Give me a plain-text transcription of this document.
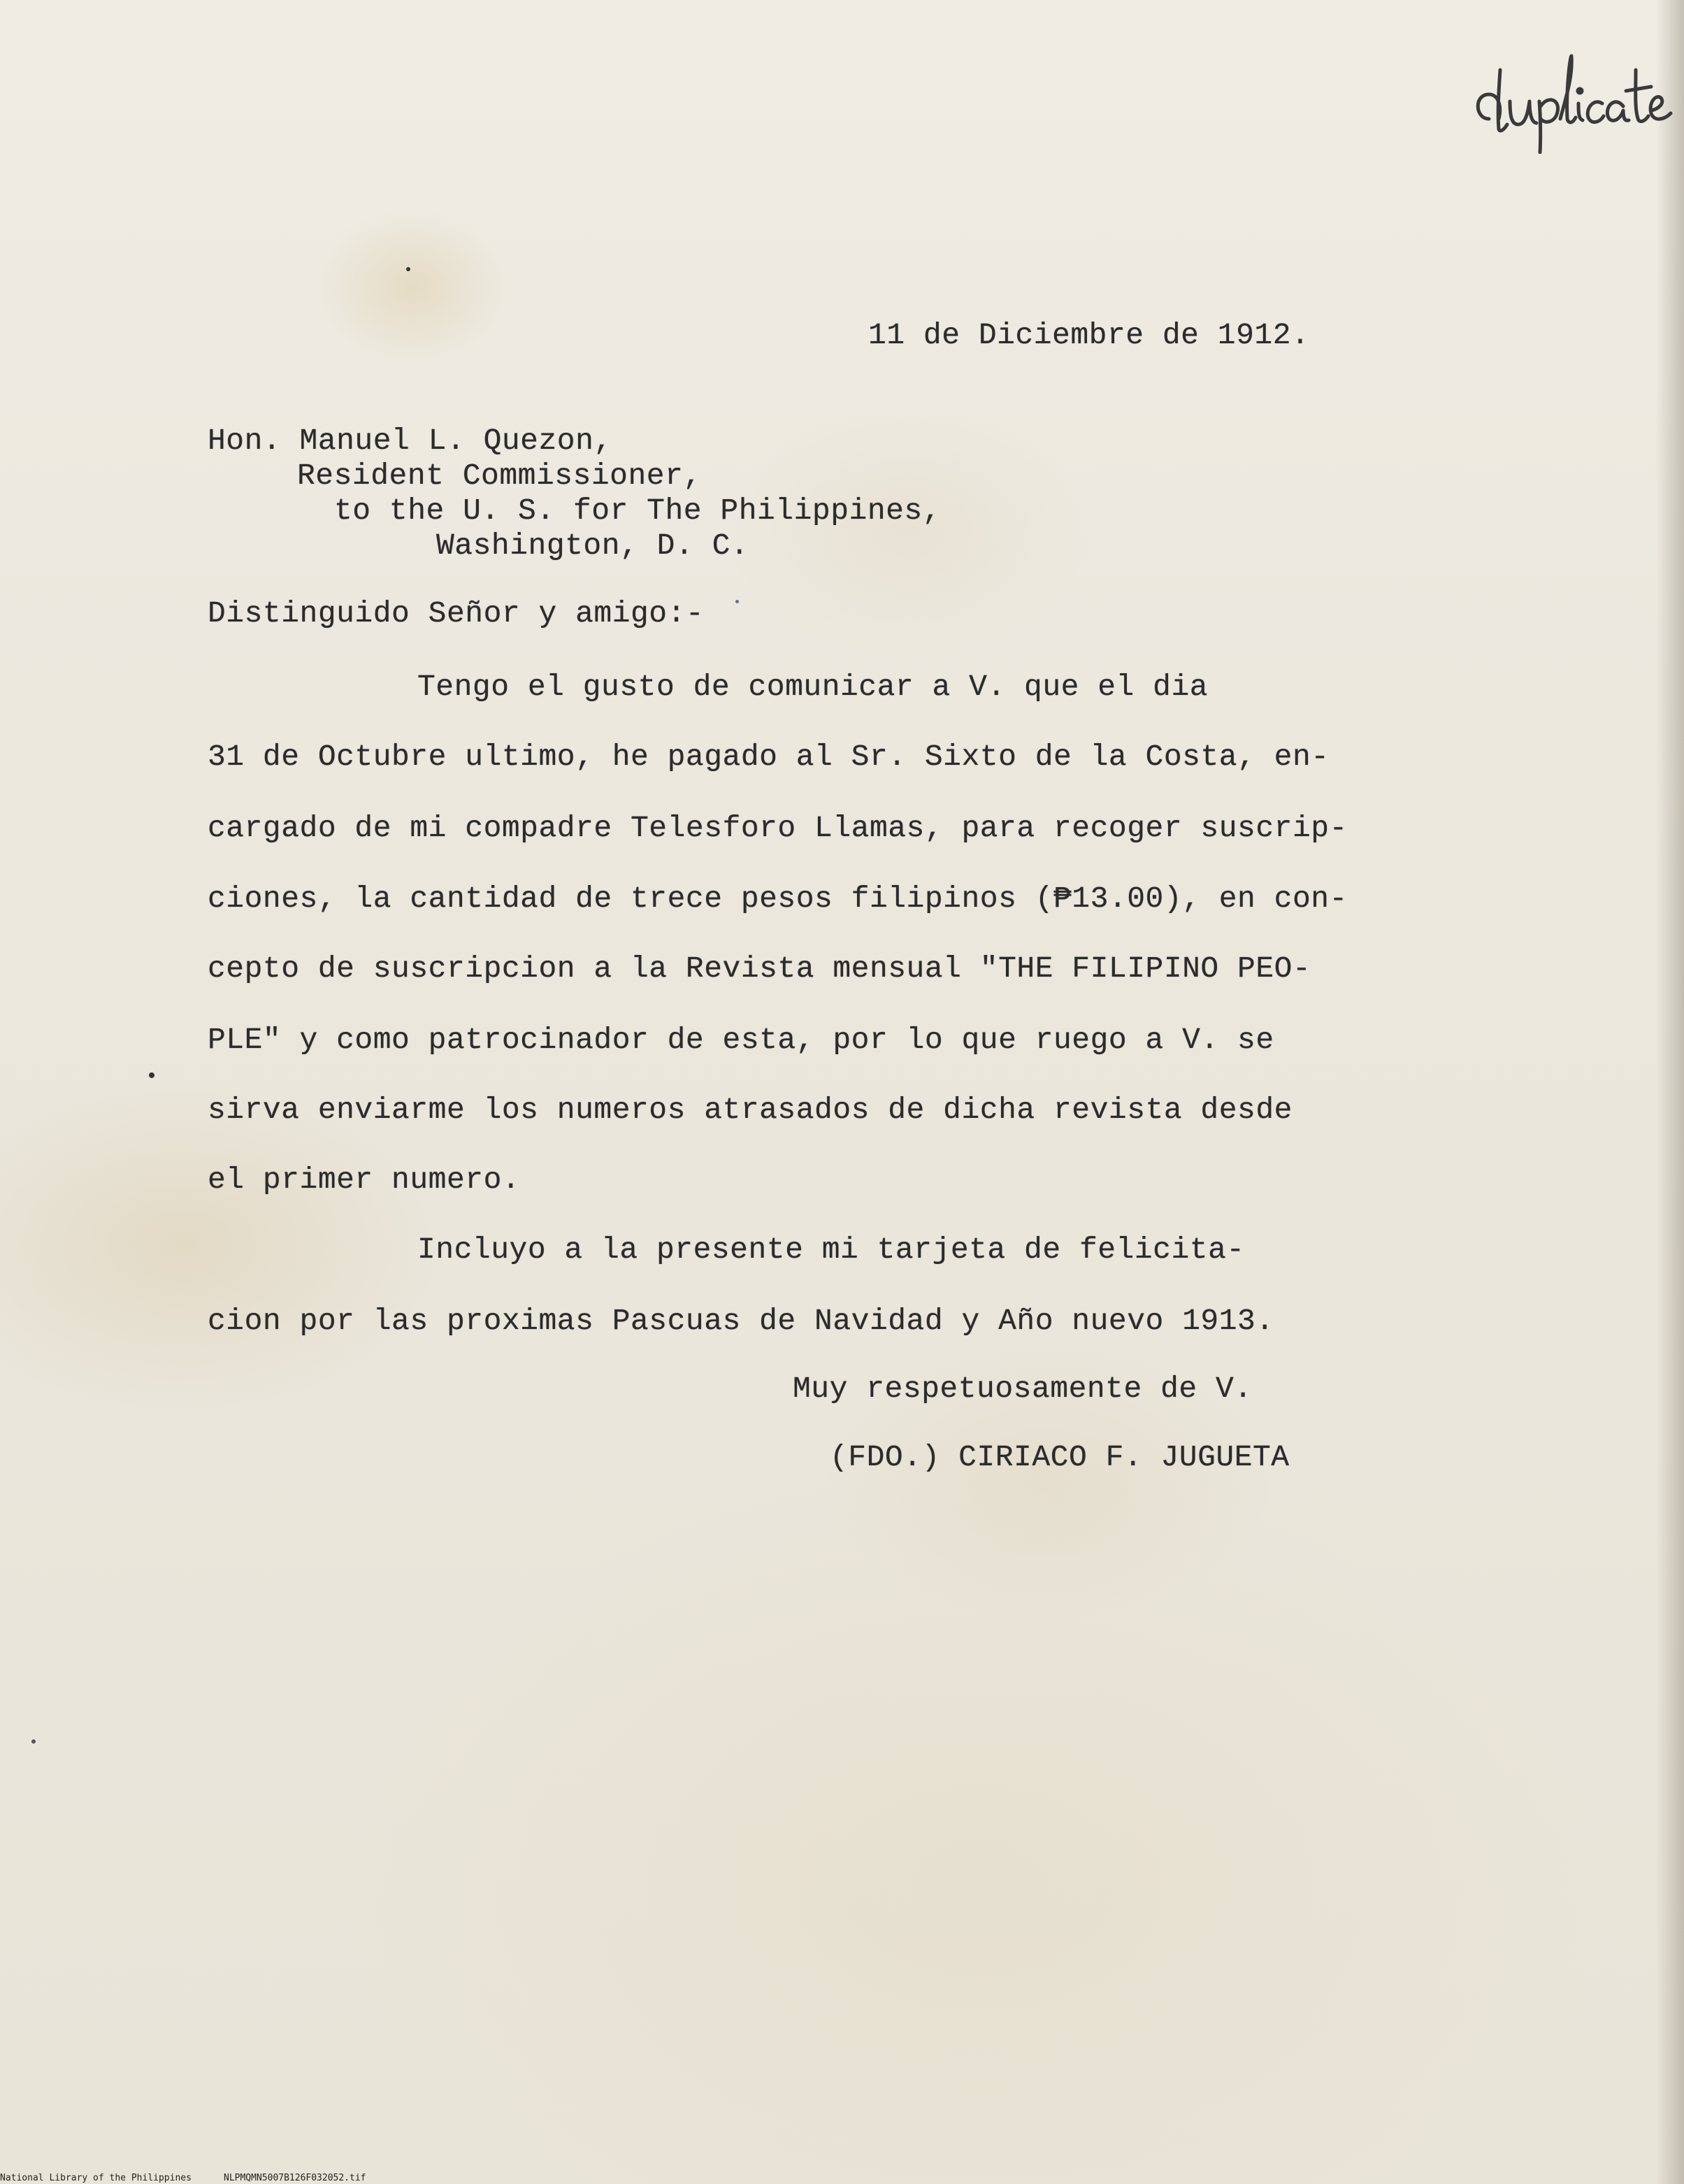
11 de Diciembre de 1912.
Hon. Manuel L. Quezon,
Resident Commissioner,
to the U. S. for The Philippines,
Washington, D. C.
Distinguido Señor y amigo:-
Tengo el gusto de comunicar a V. que el dia
31 de Octubre ultimo, he pagado al Sr. Sixto de la Costa, en-
cargado de mi compadre Telesforo Llamas, para recoger suscrip-
ciones, la cantidad de trece pesos filipinos (₱13.00), en con-
cepto de suscripcion a la Revista mensual "THE FILIPINO PEO-
PLE" y como patrocinador de esta, por lo que ruego a V. se
sirva enviarme los numeros atrasados de dicha revista desde
el primer numero.
Incluyo a la presente mi tarjeta de felicita-
cion por las proximas Pascuas de Navidad y Año nuevo 1913.
Muy respetuosamente de V.
(FDO.) CIRIACO F. JUGUETA
National Library of the Philippines	NLPMQMN5007B126F032052.tif
